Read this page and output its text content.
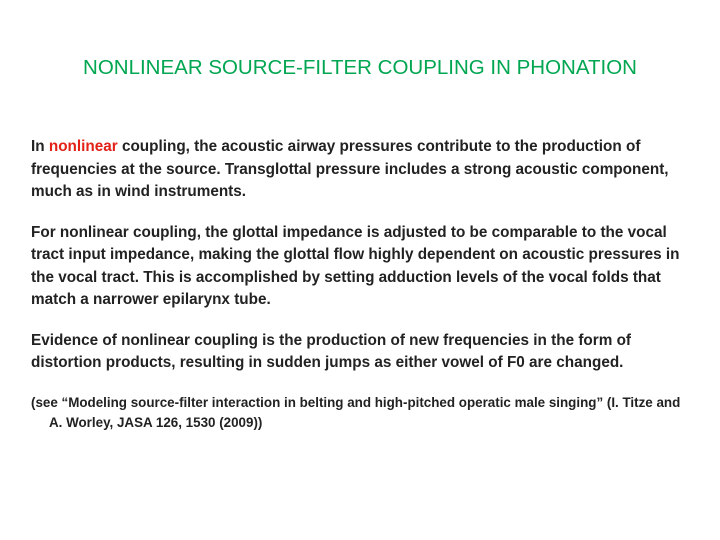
NONLINEAR SOURCE-FILTER COUPLING IN PHONATION

In nonlinear coupling, the acoustic airway pressures contribute to the production of frequencies at the source. Transglottal pressure includes a strong acoustic component, much as in wind instruments.

For nonlinear coupling, the glottal impedance is adjusted to be comparable to the vocal tract input impedance, making the glottal flow highly dependent on acoustic pressures in the vocal tract. This is accomplished by setting adduction levels of the vocal folds that match a narrower epilarynx tube.

Evidence of nonlinear coupling is the production of new frequencies in the form of distortion products, resulting in sudden jumps as either vowel of F0 are changed.

(see “Modeling source-filter interaction in belting and high-pitched operatic male singing” (I. Titze and A. Worley, JASA 126, 1530 (2009))
